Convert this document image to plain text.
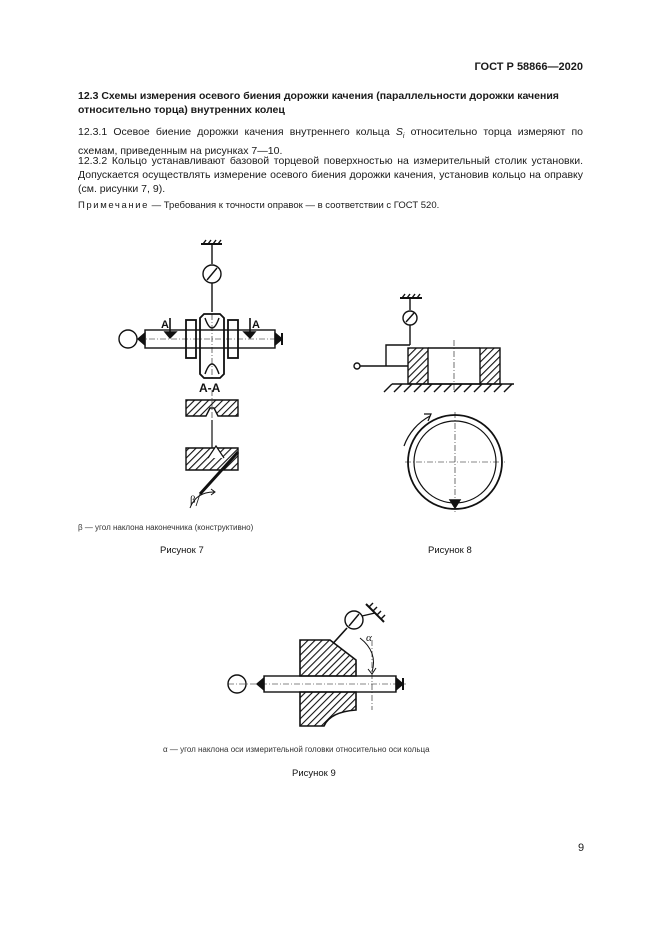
ГОСТ Р 58866—2020
12.3 Схемы измерения осевого биения дорожки качения (параллельности дорожки качения относительно торца) внутренних колец
12.3.1 Осевое биение дорожки качения внутреннего кольца $S_i$ относительно торца измеряют по схемам, приведенным на рисунках 7—10.
12.3.2 Кольцо устанавливают базовой торцевой поверхностью на измерительный столик установки. Допускается осуществлять измерение осевого биения дорожки качения, установив кольцо на оправку (см. рисунки 7, 9).
Примечание — Требования к точности оправок — в соответствии с ГОСТ 520.
A	A
A-A
β
β — угол наклона наконечника (конструктивно)
Рисунок 7	Рисунок 8
α
α — угол наклона оси измерительной головки относительно оси кольца
Рисунок 9
9
